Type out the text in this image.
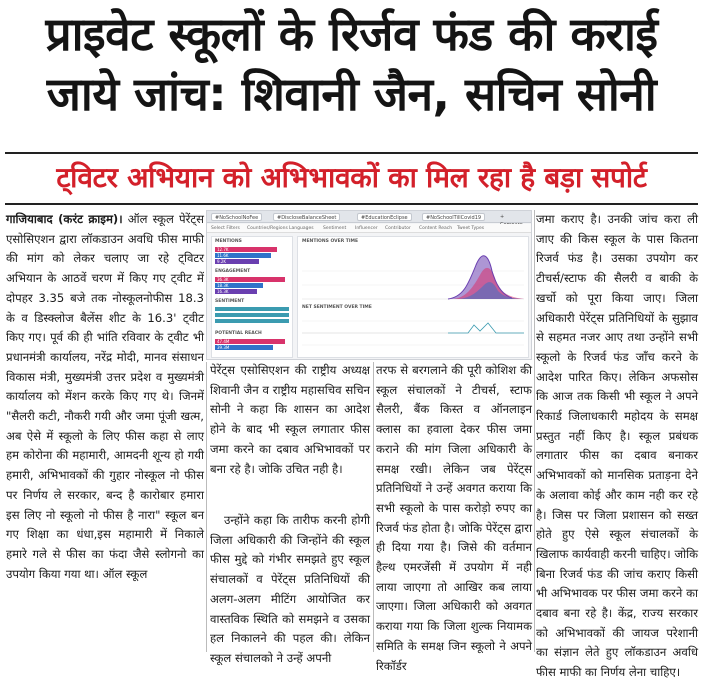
प्राइवेट स्कूलों के रिर्जव फंड की कराई
जाये जांच: शिवानी जैन, सचिन सोनी
ट्विटर अभियान को अभिभावकों का मिल रहा है बड़ा सपोर्ट
गाजियाबाद (करंट क्राइम)। ऑल स्कूल पेरेंट्स एसोसिएशन द्वारा लॉकडाउन अवधि फीस माफी की मांग को लेकर चलाए जा रहे ट्विटर अभियान के आठवें चरण में किए गए ट्वीट में दोपहर 3.35 बजे तक नोस्कूलनोफीस 18.3 के व डिस्क्लोज बैलेंस शीट के 16.3' ट्वीट किए गए। पूर्व की ही भांति रविवार के ट्वीट भी प्रधानमंत्री कार्यालय, नरेंद्र मोदी, मानव संसाधन विकास मंत्री, मुख्यमंत्री उत्तर प्रदेश व मुख्यमंत्री कार्यालय को मेंशन करके किए गए थे। जिनमें "सैलरी कटी, नौकरी गयी और जमा पूंजी खत्म, अब ऐसे में स्कूलो के लिए फीस कहा से लाए हम कोरोना की महामारी, आमदनी शून्य हो गयी हमारी, अभिभावकों की गुहार नोस्कूल नो फीस पर निर्णय ले सरकार, बन्द है कारोबार हमारा इस लिए नो स्कूलो नो फीस है नारा" स्कूल बन गए शिक्षा का धंधा,इस महामारी में निकाले हमारे गले से फीस का फंदा जैसे स्लोगनो का उपयोग किया गया था। ऑल स्कूल
#NoSchoolNoFee	#DiscloseBalanceSheet	#EducationEclipse	#NoSchoolTillCovid19	+
Select Filters Countries/Regions Languages Sentiment Influencer Contributor Content Reach Tweet Types
MENTIONS
12.7K
11.6K
9.2K
ENGAGEMENT
36.3K
18.3K
16.3K
SENTIMENT
POTENTIAL REACH
47.4M
39.3M
MENTIONS OVER TIME
NET SENTIMENT OVER TIME
पेरेंट्स एसोसिएशन की राष्ट्रीय अध्यक्ष शिवानी जैन व राष्ट्रीय महासचिव सचिन सोनी ने कहा कि शासन का आदेश होने के बाद भी स्कूल लगातार फीस जमा करने का दबाव अभिभावकों पर बना रहे है। जोकि उचित नही है।
उन्होंने कहा कि तारीफ करनी होगी जिला अधिकारी की जिन्होंने की स्कूल फीस मुद्दे को गंभीर समझते हुए स्कूल संचालकों व पेरेंट्स प्रतिनिधियों की अलग-अलग मीटिंग आयोजित कर वास्तविक स्थिति को समझने व उसका हल निकालने की पहल की। लेकिन स्कूल संचालको ने उन्हें अपनी
तरफ से बरगलाने की पूरी कोशिश की स्कूल संचालकों ने टीचर्स, स्टाफ सैलरी, बैंक किस्त व ऑनलाइन क्लास का हवाला देकर फीस जमा कराने की मांग जिला अधिकारी के समक्ष रखी। लेकिन जब पेरेंट्स प्रतिनिधियों ने उन्हें अवगत कराया कि सभी स्कूलो के पास करोड़ो रुपए का रिजर्व फंड होता है। जोकि पेरेंट्स द्वारा ही दिया गया है। जिसे की वर्तमान हैल्थ एमरजेंसी में उपयोग में नही लाया जाएगा तो आखिर कब लाया जाएगा। जिला अधिकारी को अवगत कराया गया कि जिला शुल्क नियामक समिति के समक्ष जिन स्कूलो ने अपने रिकॉर्डर
जमा कराए है। उनकी जांच करा ली जाए की किस स्कूल के पास कितना रिजर्व फंड है। उसका उपयोग कर टीचर्स/स्टाफ की सैलरी व बाकी के खर्चो को पूरा किया जाए। जिला अधिकारी पेरेंट्स प्रतिनिधियों के सुझाव से सहमत नजर आए तथा उन्होंने सभी स्कूलो के रिजर्व फंड जाँच करने के आदेश पारित किए। लेकिन अफसोस कि आज तक किसी भी स्कूल ने अपने रिकार्ड जिलाधकारी महोदय के समक्ष प्रस्तुत नहीं किए है। स्कूल प्रबंधक लगातार फीस का दबाव बनाकर अभिभावकों को मानसिक प्रताड़ना देने के अलावा कोई और काम नही कर रहे है। जिस पर जिला प्रशासन को सख्त होते हुए ऐसे स्कूल संचालकों के खिलाफ कार्यवाही करनी चाहिए। जोकि बिना रिजर्व फंड की जांच कराए किसी भी अभिभावक पर फीस जमा करने का दबाव बना रहे है। केंद्र, राज्य सरकार को अभिभावकों की जायज परेशानी का संज्ञान लेते हुए लॉकडाउन अवधि फीस माफी का निर्णय लेना चाहिए।
